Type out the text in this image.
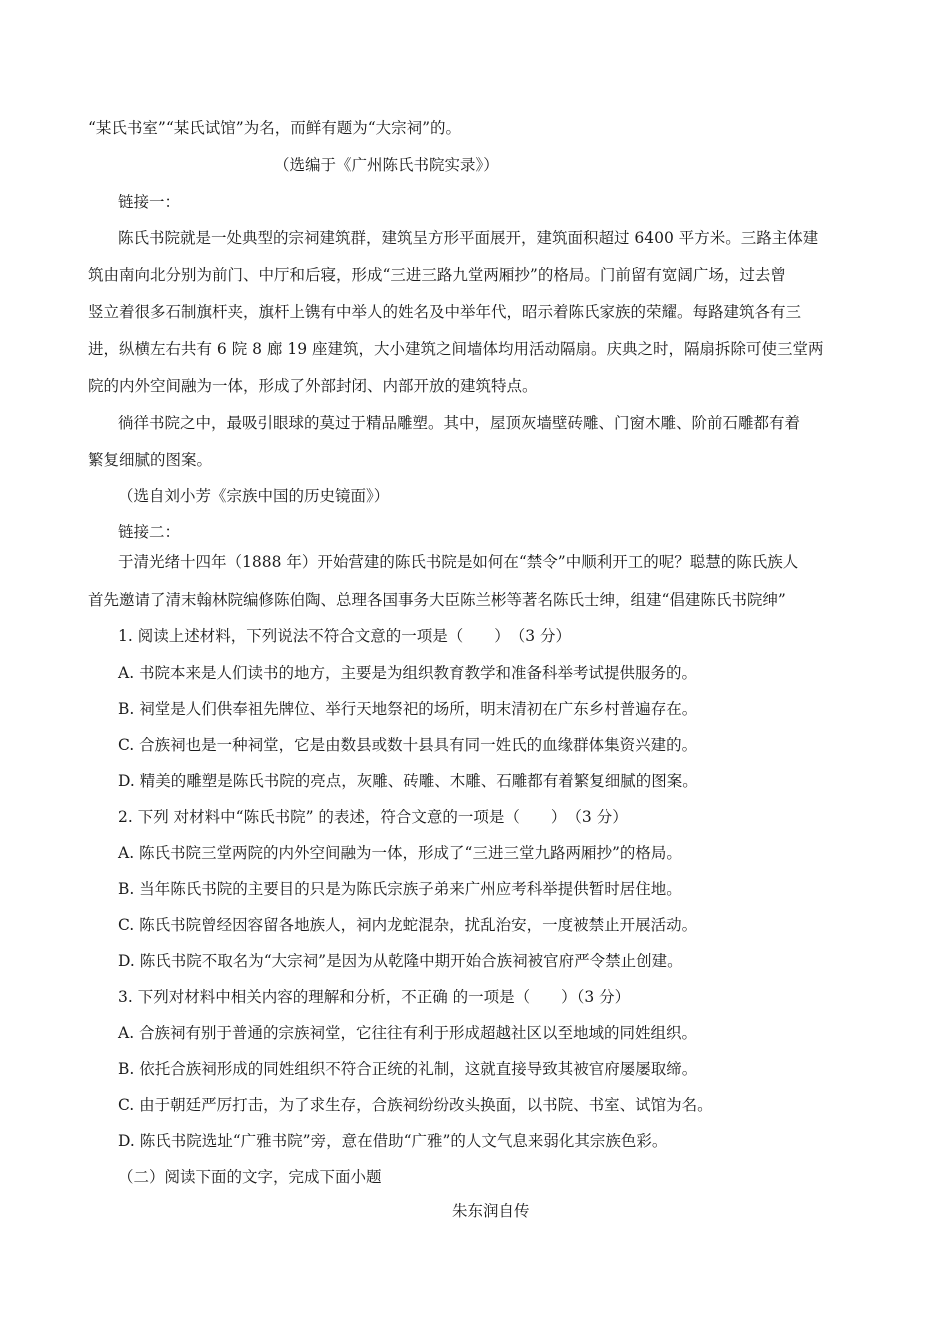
“某氏书室”“某氏试馆”为名，而鲜有题为“大宗祠”的。

（选编于《广州陈氏书院实录》）

链接一：

陈氏书院就是一处典型的宗祠建筑群，建筑呈方形平面展开，建筑面积超过 6400 平方米。三路主体建

筑由南向北分别为前门、中厅和后寝，形成“三进三路九堂两厢抄”的格局。门前留有宽阔广场，过去曾

竖立着很多石制旗杆夹，旗杆上镌有中举人的姓名及中举年代，昭示着陈氏家族的荣耀。每路建筑各有三

进，纵横左右共有 6 院 8 廊 19 座建筑，大小建筑之间墙体均用活动隔扇。庆典之时，隔扇拆除可使三堂两

院的内外空间融为一体，形成了外部封闭、内部开放的建筑特点。

徜徉书院之中，最吸引眼球的莫过于精品雕塑。其中，屋顶灰墙壁砖雕、门窗木雕、阶前石雕都有着

繁复细腻的图案。

（选自刘小芳《宗族中国的历史镜面》）

链接二：

于清光绪十四年（1888 年）开始营建的陈氏书院是如何在“禁令”中顺利开工的呢？聪慧的陈氏族人

首先邀请了清末翰林院编修陈伯陶、总理各国事务大臣陈兰彬等著名陈氏士绅，组建“倡建陈氏书院绅”

1. 阅读上述材料，下列说法不符合文意的一项是（　　）　（3 分）

A. 书院本来是人们读书的地方，主要是为组织教育教学和准备科举考试提供服务的。

B. 祠堂是人们供奉祖先牌位、举行天地祭祀的场所，明末清初在广东乡村普遍存在。

C. 合族祠也是一种祠堂，它是由数县或数十县具有同一姓氏的血缘群体集资兴建的。

D. 精美的雕塑是陈氏书院的亮点，灰雕、砖雕、木雕、石雕都有着繁复细腻的图案。

2. 下列 对材料中“陈氏书院” 的表述，符合文意的一项是（　　）　（3 分）

A. 陈氏书院三堂两院的内外空间融为一体，形成了“三进三堂九路两厢抄”的格局。

B. 当年陈氏书院的主要目的只是为陈氏宗族子弟来广州应考科举提供暂时居住地。

C. 陈氏书院曾经因容留各地族人，祠内龙蛇混杂，扰乱治安，一度被禁止开展活动。

D. 陈氏书院不取名为“大宗祠”是因为从乾隆中期开始合族祠被官府严令禁止创建。

3. 下列对材料中相关内容的理解和分析，不正确 的一项是（　　）（3 分）

A. 合族祠有别于普通的宗族祠堂，它往往有利于形成超越社区以至地域的同姓组织。

B. 依托合族祠形成的同姓组织不符合正统的礼制，这就直接导致其被官府屡屡取缔。

C. 由于朝廷严厉打击，为了求生存，合族祠纷纷改头换面，以书院、书室、试馆为名。

D. 陈氏书院选址“广雅书院”旁，意在借助“广雅”的人文气息来弱化其宗族色彩。

（二）阅读下面的文字，完成下面小题

朱东润自传
